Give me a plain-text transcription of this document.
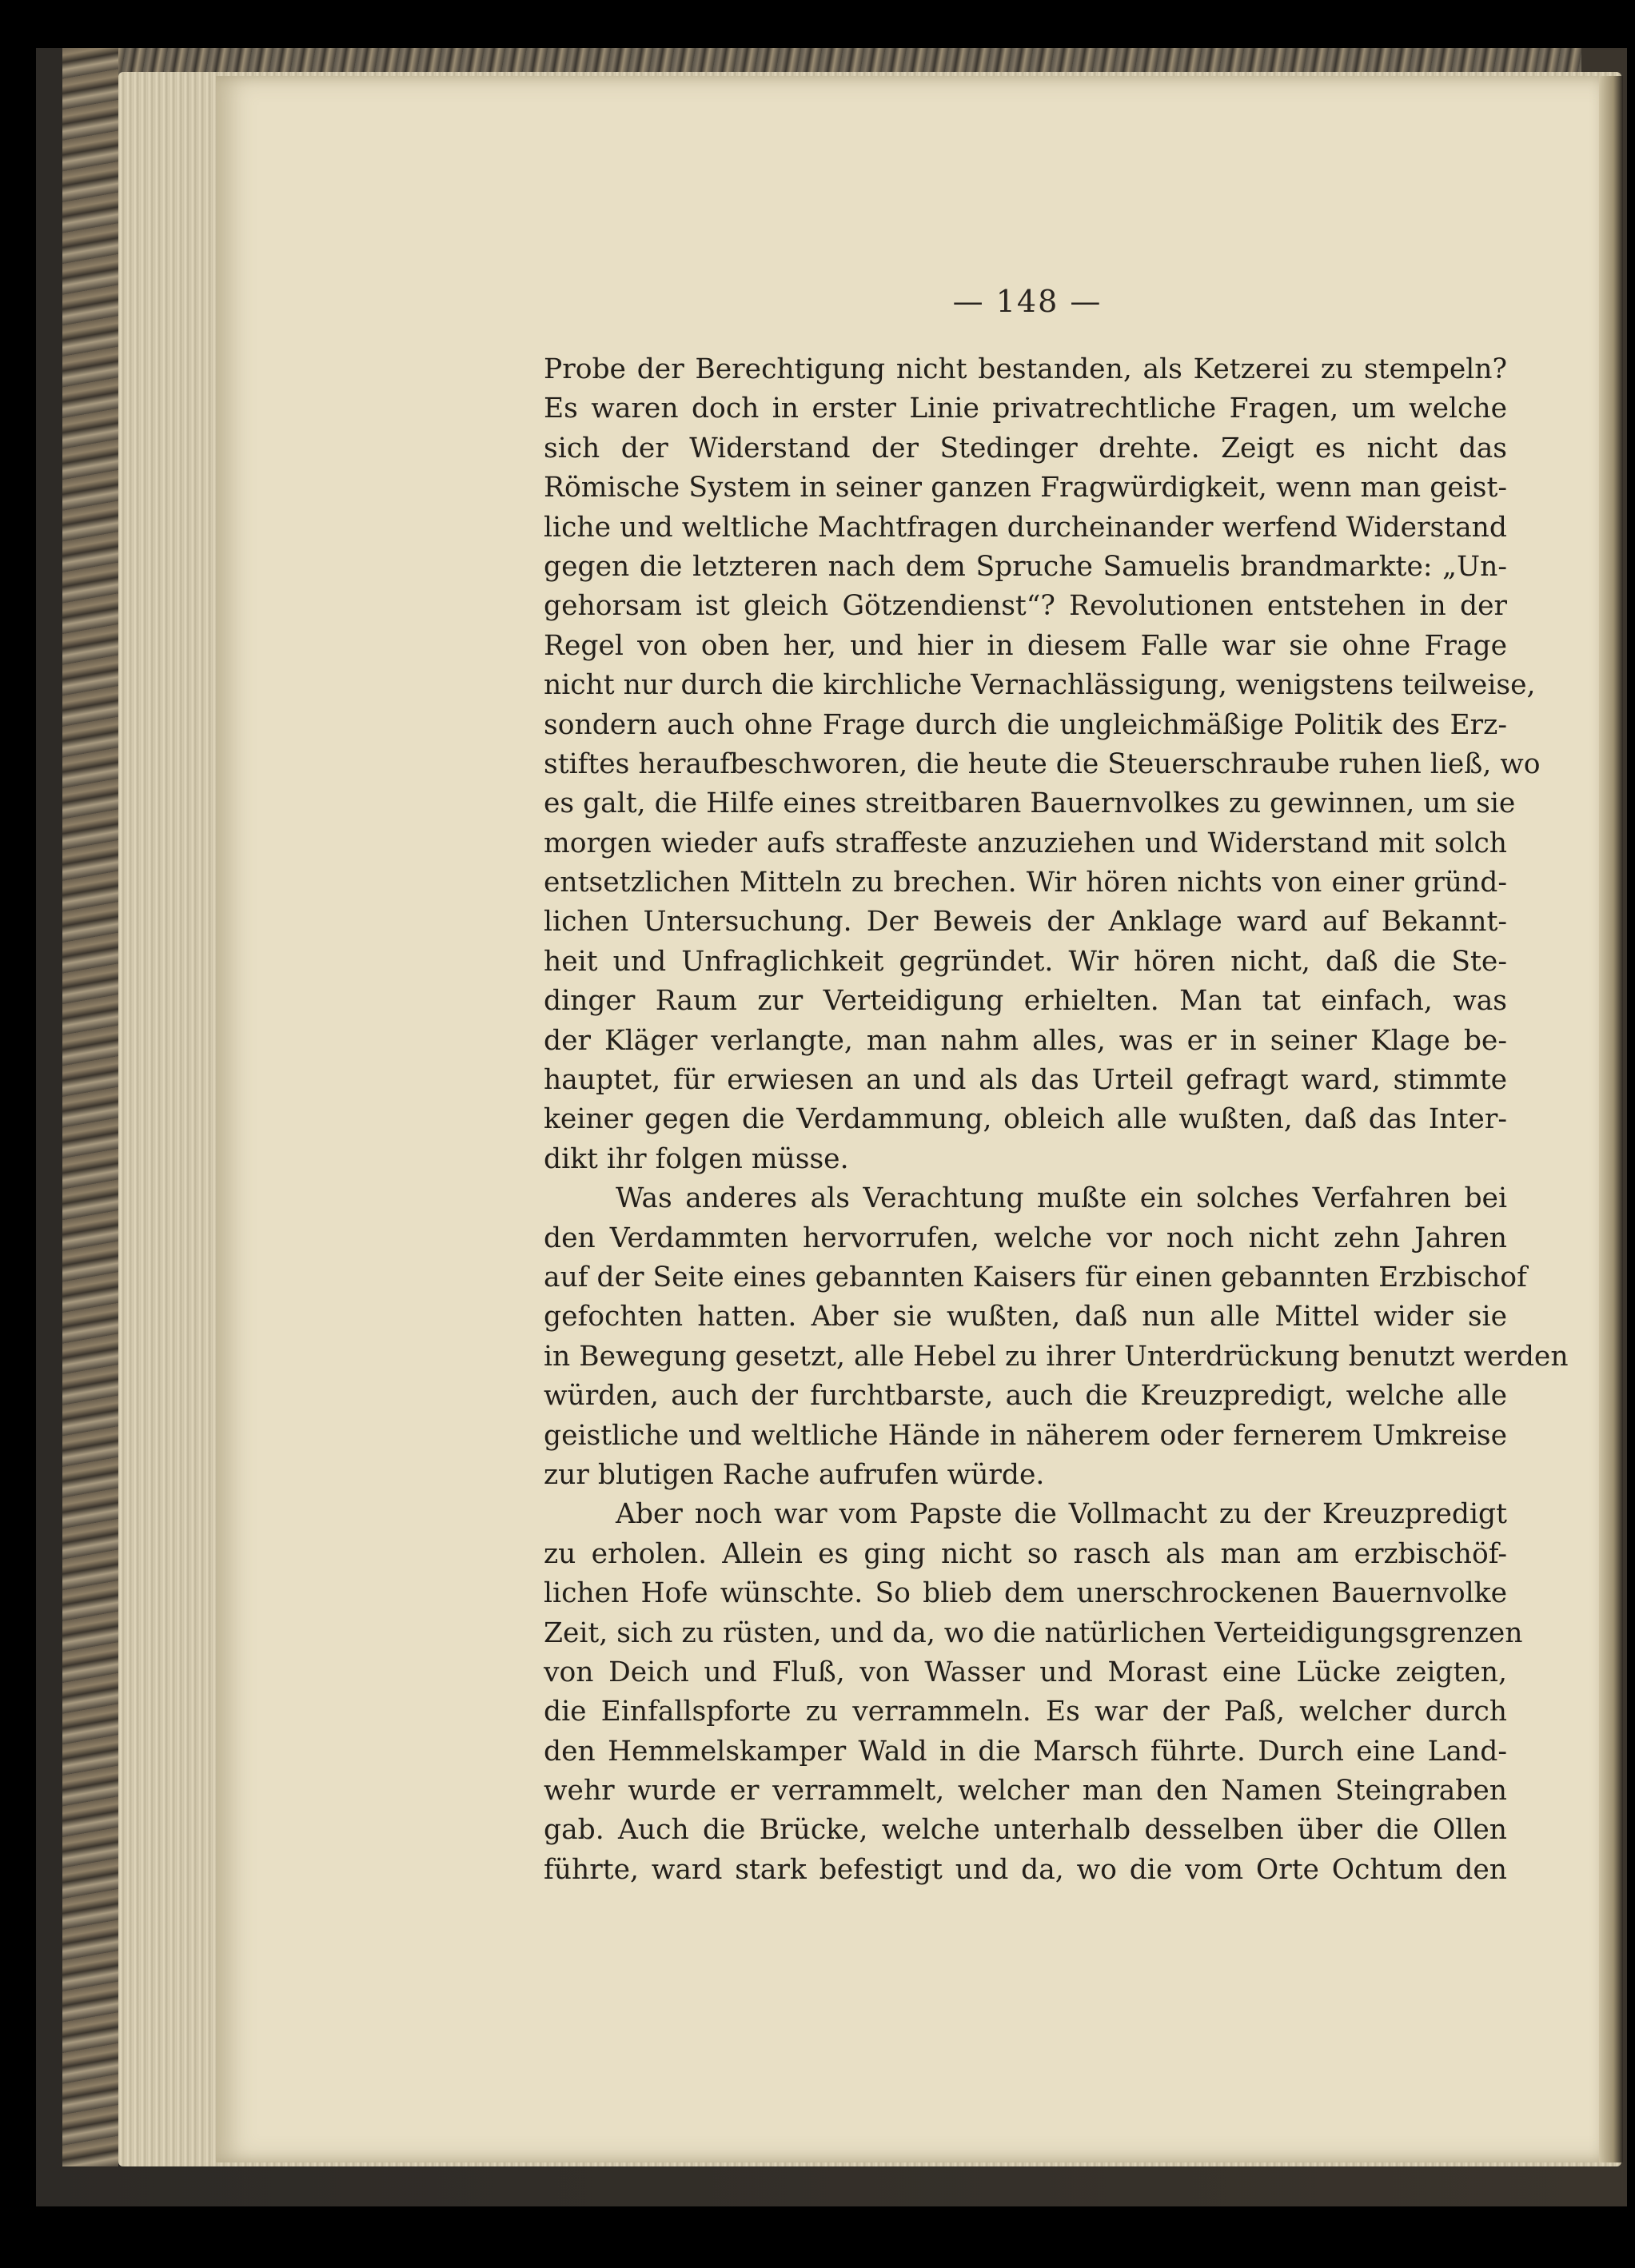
— 148 —
Probe der Berechtigung nicht bestanden, als Ketzerei zu stempeln?
Es waren doch in erster Linie privatrechtliche Fragen, um welche
sich der Widerstand der Stedinger drehte. Zeigt es nicht das
Römische System in seiner ganzen Fragwürdigkeit, wenn man geist-
liche und weltliche Machtfragen durcheinander werfend Widerstand
gegen die letzteren nach dem Spruche Samuelis brandmarkte: „Un-
gehorsam ist gleich Götzendienst“? Revolutionen entstehen in der
Regel von oben her, und hier in diesem Falle war sie ohne Frage
nicht nur durch die kirchliche Vernachlässigung, wenigstens teilweise,
sondern auch ohne Frage durch die ungleichmäßige Politik des Erz-
stiftes heraufbeschworen, die heute die Steuerschraube ruhen ließ, wo
es galt, die Hilfe eines streitbaren Bauernvolkes zu gewinnen, um sie
morgen wieder aufs straffeste anzuziehen und Widerstand mit solch
entsetzlichen Mitteln zu brechen. Wir hören nichts von einer gründ-
lichen Untersuchung. Der Beweis der Anklage ward auf Bekannt-
heit und Unfraglichkeit gegründet. Wir hören nicht, daß die Ste-
dinger Raum zur Verteidigung erhielten. Man tat einfach, was
der Kläger verlangte, man nahm alles, was er in seiner Klage be-
hauptet, für erwiesen an und als das Urteil gefragt ward, stimmte
keiner gegen die Verdammung, obleich alle wußten, daß das Inter-
dikt ihr folgen müsse.
Was anderes als Verachtung mußte ein solches Verfahren bei
den Verdammten hervorrufen, welche vor noch nicht zehn Jahren
auf der Seite eines gebannten Kaisers für einen gebannten Erzbischof
gefochten hatten. Aber sie wußten, daß nun alle Mittel wider sie
in Bewegung gesetzt, alle Hebel zu ihrer Unterdrückung benutzt werden
würden, auch der furchtbarste, auch die Kreuzpredigt, welche alle
geistliche und weltliche Hände in näherem oder fernerem Umkreise
zur blutigen Rache aufrufen würde.
Aber noch war vom Papste die Vollmacht zu der Kreuzpredigt
zu erholen. Allein es ging nicht so rasch als man am erzbischöf-
lichen Hofe wünschte. So blieb dem unerschrockenen Bauernvolke
Zeit, sich zu rüsten, und da, wo die natürlichen Verteidigungsgrenzen
von Deich und Fluß, von Wasser und Morast eine Lücke zeigten,
die Einfallspforte zu verrammeln. Es war der Paß, welcher durch
den Hemmelskamper Wald in die Marsch führte. Durch eine Land-
wehr wurde er verrammelt, welcher man den Namen Steingraben
gab. Auch die Brücke, welche unterhalb desselben über die Ollen
führte, ward stark befestigt und da, wo die vom Orte Ochtum den
